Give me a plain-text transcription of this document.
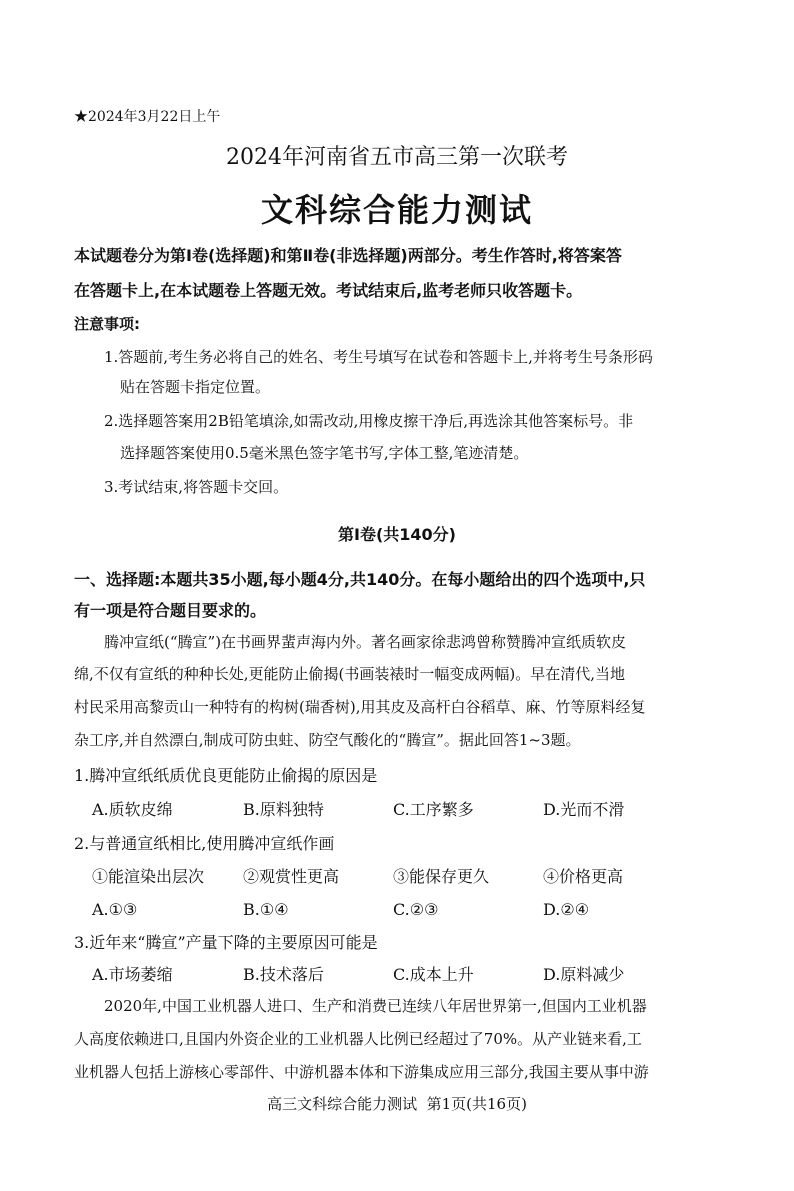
★2024年3月22日上午
2024年河南省五市高三第一次联考
文科综合能力测试
本试题卷分为第Ⅰ卷(选择题)和第Ⅱ卷(非选择题)两部分。考生作答时,将答案答
在答题卡上,在本试题卷上答题无效。考试结束后,监考老师只收答题卡。
注意事项:
1.答题前,考生务必将自己的姓名、考生号填写在试卷和答题卡上,并将考生号条形码
贴在答题卡指定位置。
2.选择题答案用2B铅笔填涂,如需改动,用橡皮擦干净后,再选涂其他答案标号。非
选择题答案使用0.5毫米黑色签字笔书写,字体工整,笔迹清楚。
3.考试结束,将答题卡交回。
第Ⅰ卷(共140分)
一、选择题:本题共35小题,每小题4分,共140分。在每小题给出的四个选项中,只
有一项是符合题目要求的。
腾冲宣纸(“腾宣”)在书画界蜚声海内外。著名画家徐悲鸿曾称赞腾冲宣纸质软皮
绵,不仅有宣纸的种种长处,更能防止偷揭(书画装裱时一幅变成两幅)。早在清代,当地
村民采用高黎贡山一种特有的构树(瑞香树),用其皮及高杆白谷稻草、麻、竹等原料经复
杂工序,并自然漂白,制成可防虫蛀、防空气酸化的“腾宣”。据此回答1~3题。
1.腾冲宣纸纸质优良更能防止偷揭的原因是
A.质软皮绵	B.原料独特	C.工序繁多	D.光而不滑
2.与普通宣纸相比,使用腾冲宣纸作画
①能渲染出层次 ②观赏性更高	③能保存更久	④价格更高
A.①③	B.①④	C.②③	D.②④
3.近年来“腾宣”产量下降的主要原因可能是
A.市场萎缩	B.技术落后	C.成本上升	D.原料减少
2020年,中国工业机器人进口、生产和消费已连续八年居世界第一,但国内工业机器
人高度依赖进口,且国内外资企业的工业机器人比例已经超过了70%。从产业链来看,工
业机器人包括上游核心零部件、中游机器本体和下游集成应用三部分,我国主要从事中游
高三文科综合能力测试  第1页(共16页)
